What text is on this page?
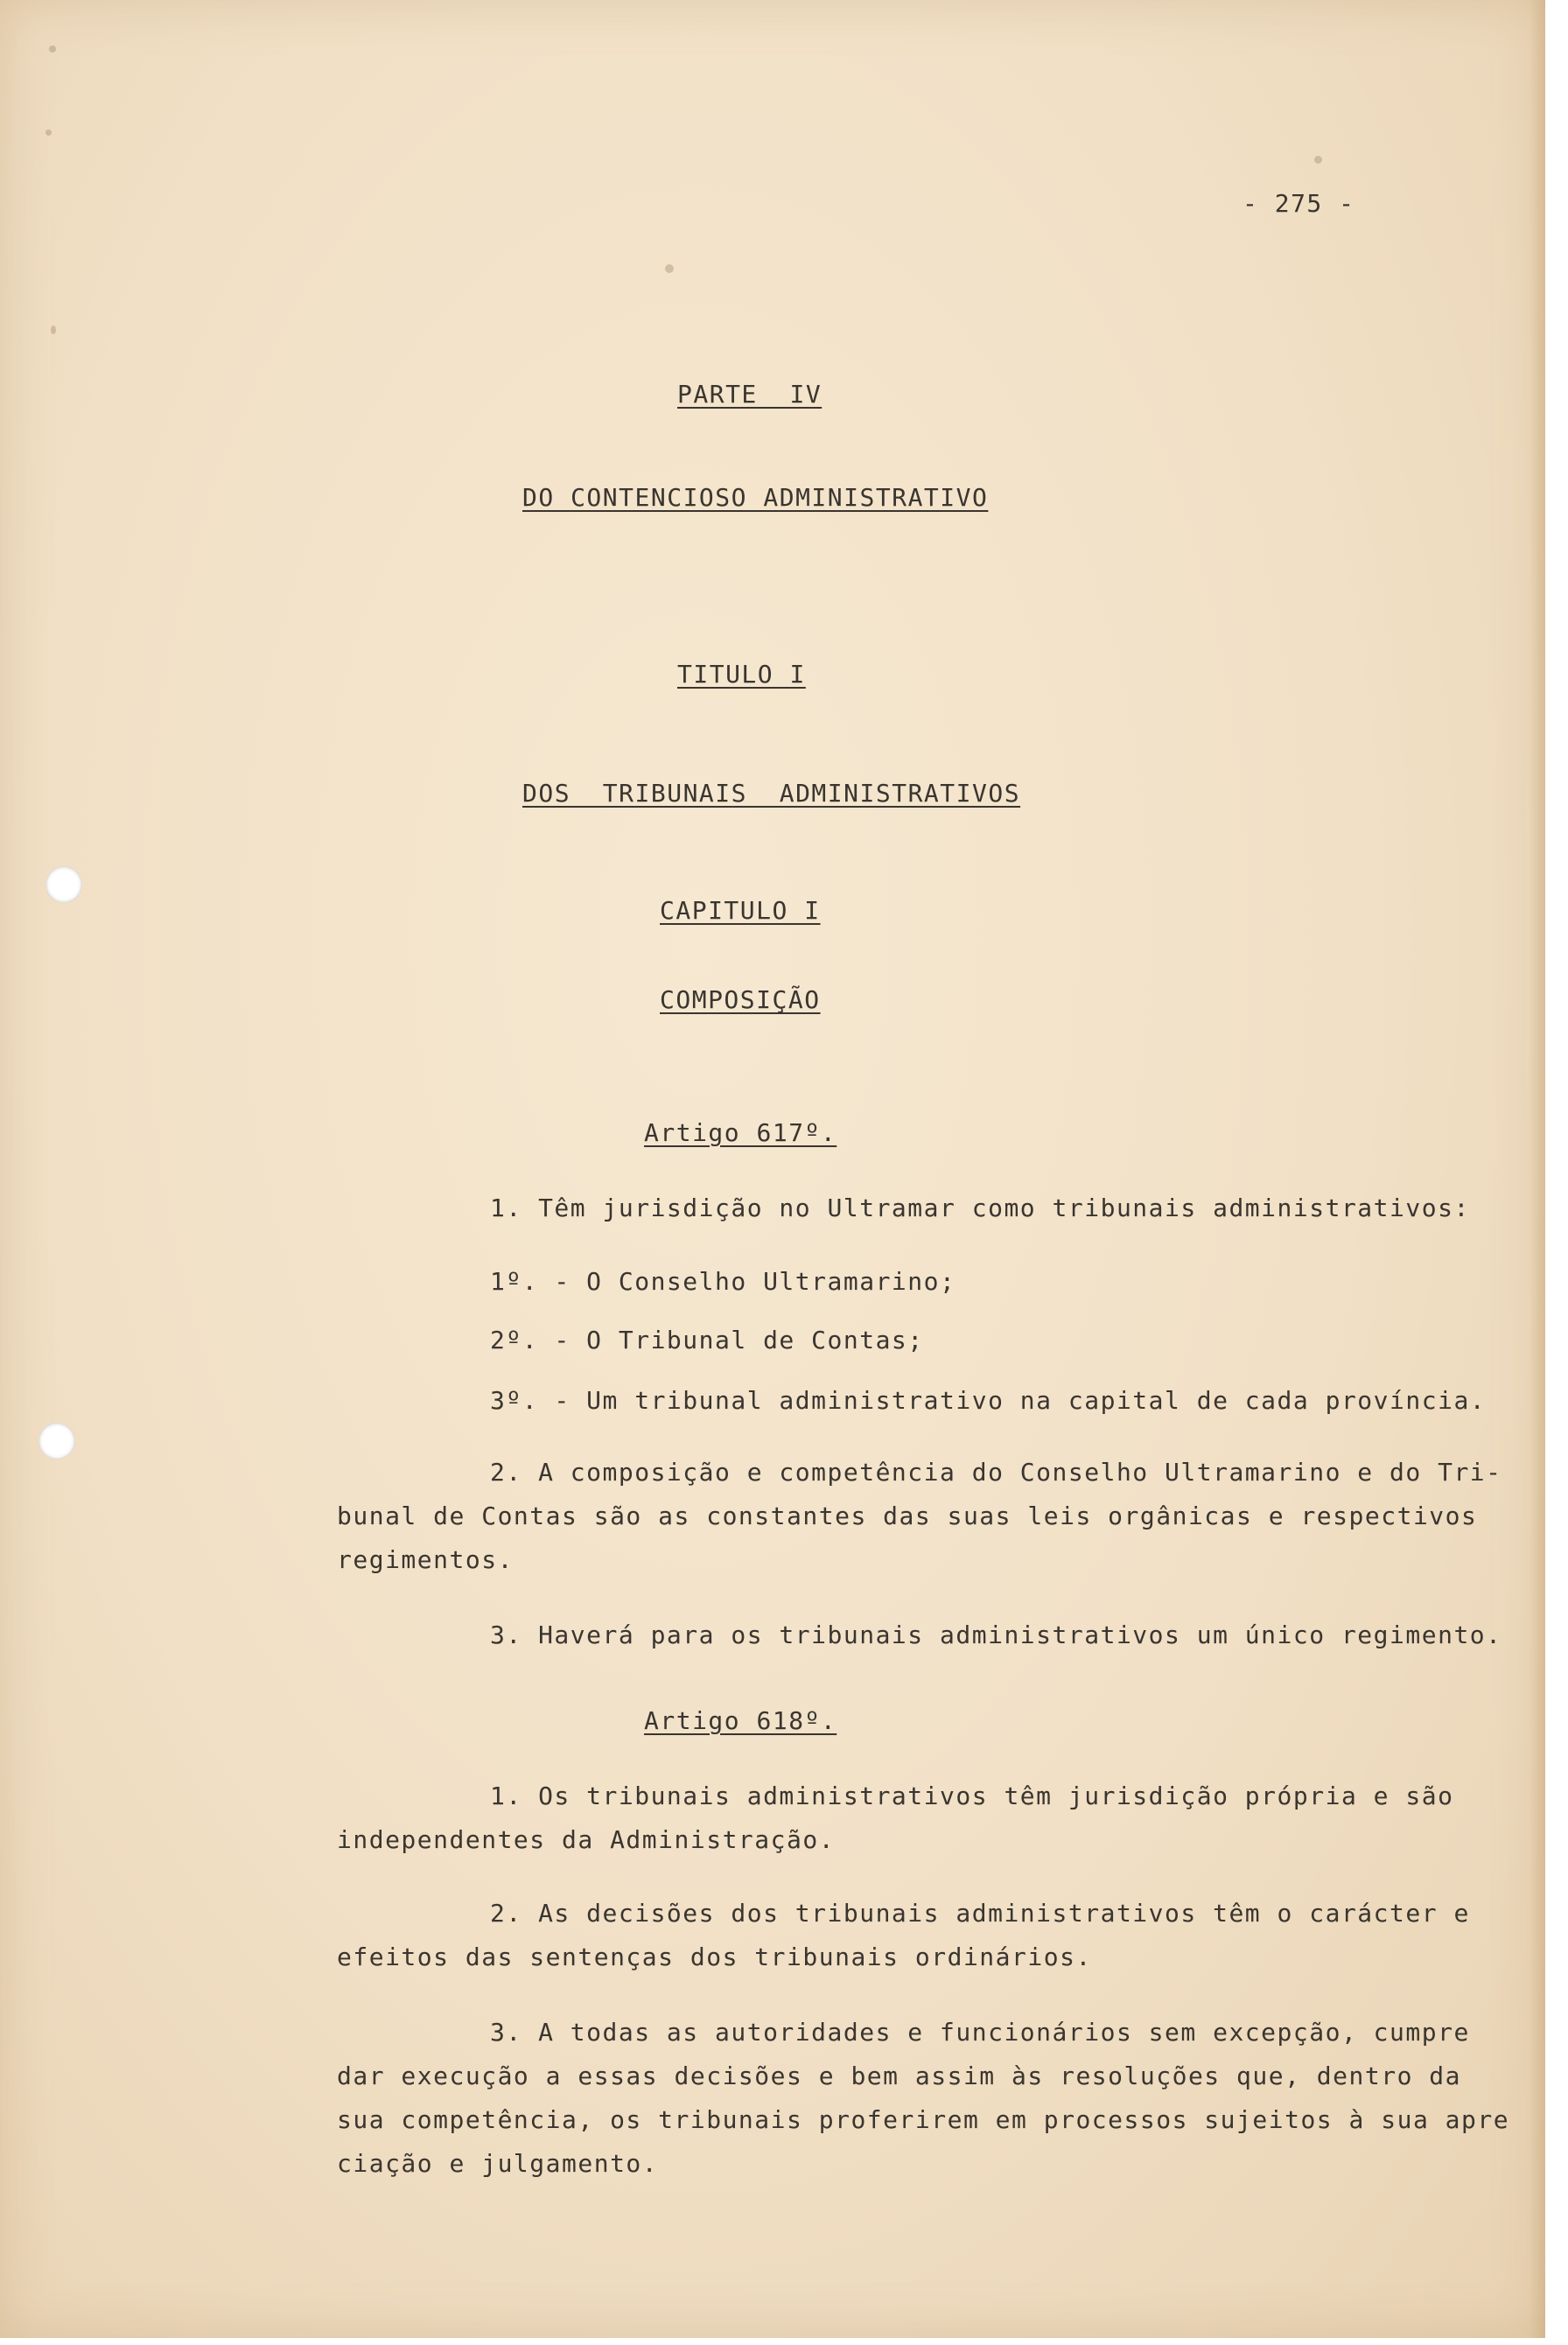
- 275 -

PARTE  IV

DO CONTENCIOSO ADMINISTRATIVO

TITULO I

DOS  TRIBUNAIS  ADMINISTRATIVOS

CAPITULO I

COMPOSIÇÃO

Artigo 617º.

1. Têm jurisdição no Ultramar como tribunais administrativos:

1º. - O Conselho Ultramarino;

2º. - O Tribunal de Contas;

3º. - Um tribunal administrativo na capital de cada província.

2. A composição e competência do Conselho Ultramarino e do Tri-

bunal de Contas são as constantes das suas leis orgânicas e respectivos

regimentos.

3. Haverá para os tribunais administrativos um único regimento.

Artigo 618º.

1. Os tribunais administrativos têm jurisdição própria e são

independentes da Administração.

2. As decisões dos tribunais administrativos têm o carácter e

efeitos das sentenças dos tribunais ordinários.

3. A todas as autoridades e funcionários sem excepção, cumpre

dar execução a essas decisões e bem assim às resoluções que, dentro da

sua competência, os tribunais proferirem em processos sujeitos à sua apre

ciação e julgamento.
